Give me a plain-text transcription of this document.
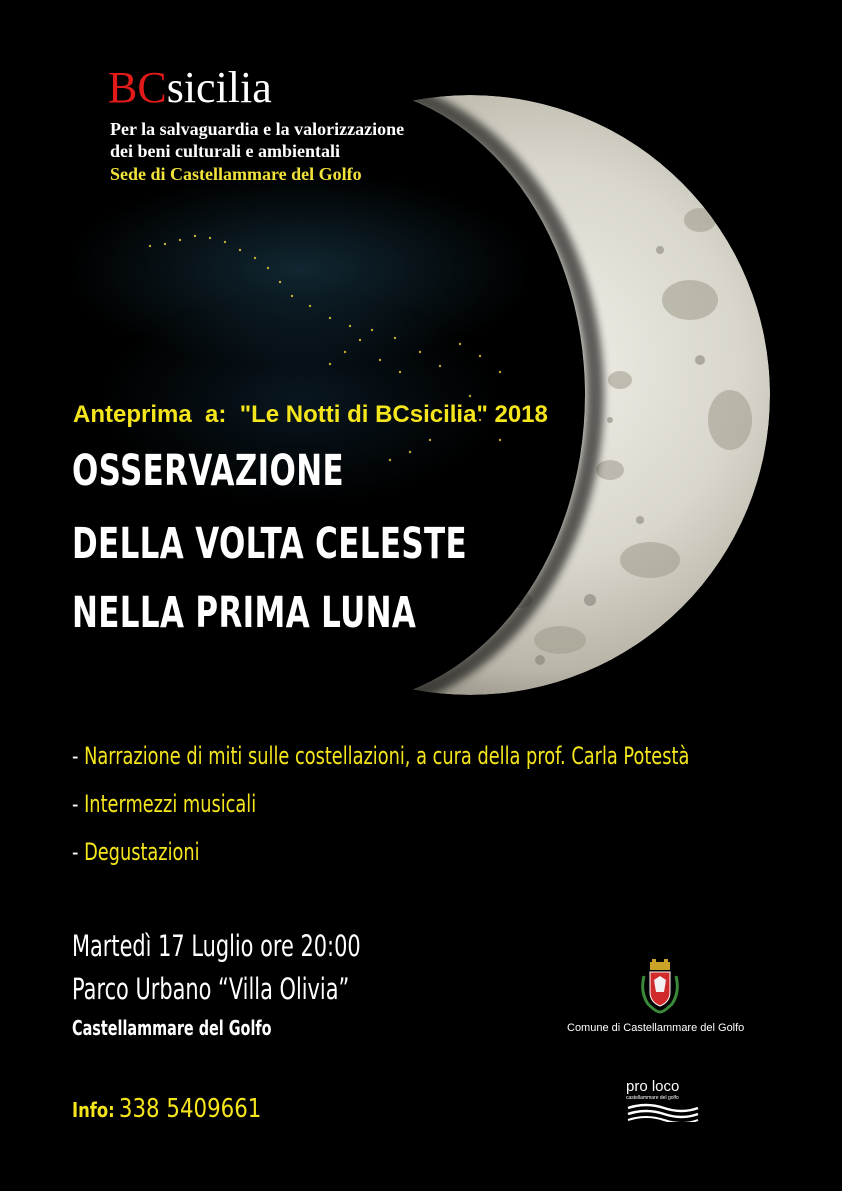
BCsicilia
Per la salvaguardia e la valorizzazione
dei beni culturali e ambientali
Sede di Castellammare del Golfo
Anteprima  a:  "Le Notti di BCsicilia" 2018
OSSERVAZIONE
DELLA VOLTA CELESTE
NELLA PRIMA LUNA
- Narrazione di miti sulle costellazioni, a cura della prof. Carla Potestà
- Intermezzi musicali
- Degustazioni
Martedì 17 Luglio ore 20:00
Parco Urbano “Villa Olivia”
Castellammare del Golfo
Info: 338 5409661
Comune di Castellammare del Golfo
pro loco
castellammare del golfo
